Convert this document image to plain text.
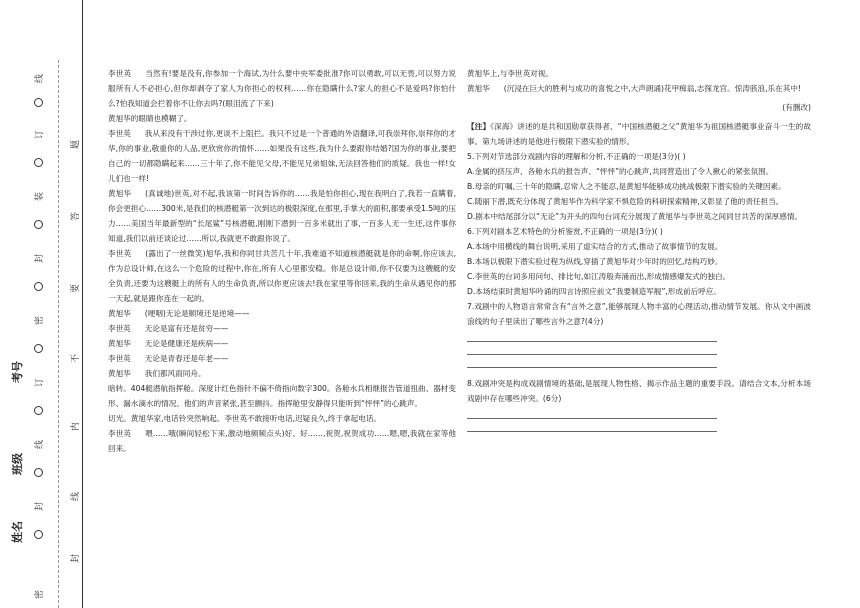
线
订
装
封
密
订
线
封
密
题
答
要
不
内
线
封
考号
班级
姓名

李世英 当然有!要是没有,你参加一个海试,为什么要中央军委批准?你可以勇敢,可以无畏,可以努力说服所有人不必担心,但你却剥夺了家人为你担心的权利……你在隐瞒什么?家人的担心不是爱吗?你怕什么?怕我知道会拦着你不让你去吗?(眼泪流了下来)

黄旭华的眼睛也模糊了。

李世英 我从来没有干涉过你,更谈不上阻拦。我只不过是一个普通的外语翻译,可我崇拜你,崇拜你的才华,你的事业,敬重你的人品,更欣赏你的情怀……如果没有这些,我为什么要跟你结婚?国为你的事业,要把自己的一切都隐瞒起来……三十年了,你不能见父母,不能见兄弟姐妹,无法回答他们的质疑。我也一样!女儿们也一样!

黄旭华 (真诚地)世英,对不起,我该第一时间告诉你的……我是怕你担心,现在我明白了,我若一直瞒着,你会更担心……300米,是我们的核潜艇第一次到达的极限深度,在那里,手掌大的面积,都要承受1.5吨的压力……美国当年最新型的“长尾鲨”号核潜艇,刚刚下潜到一百多米就出了事,一百多人无一生还,这件事你知道,我们以前还谈论过……所以,我就更不敢跟你说了。

李世英 (露出了一丝微笑)旭华,我和你同甘共苦几十年,我难道不知道核潜艇就是你的命啊,你应该去,作为总设计师,在这么一个危险的过程中,你在,所有人心里都安稳。你是总设计师,你不仅要为这艘艇的安全负责,还要为这艘艇上的所有人的生命负责,所以你更应该去!我在家里等你回来,我的生命从遇见你的那一天起,就是跟你连在一起的。

黄旭华 (哽咽)无论是顺境还是逆境——

李世英 无论是富有还是贫穷——

黄旭华 无论是健康还是疾病——

李世英 无论是青春还是年老——

黄旭华 我们都风雨同舟。

暗转。404艇潜航指挥舱。深度计红色指针不偏不倚指向数字300。各舱水兵相继报告管道扭曲、器材变形、漏水滴水的情况。他们的声音紧张,甚至颤抖。指挥舱里安静得只能听到“怦怦”的心跳声。

切光。黄旭华家,电话铃突然响起。李世英不敢接听电话,迟疑良久,终于拿起电话。

李世英 喂……哦(瞬间轻松下来,激动地频频点头)好、好……,祝贺,祝贺成功……嗯,嗯,我就在家等他回来。

黄旭华上,与李世英对视。

黄旭华 (沉浸在巨大的胜利与成功的喜悦之中,大声朗诵)花甲痴翁,志探龙宫。惊涛骇浪,乐在其中!

(有删改)

【注】《深海》讲述的是共和国勋章获得者、“中国核潜艇之父”黄旭华为祖国核潜艇事业奋斗一生的故事。第九场讲述的是他进行极限下潜实验的情形。

5.下列对节选部分戏剧内容的理解和分析,不正确的一项是(3分)( )

A.金属的挤压声、各舱水兵的报告声、“怦怦”的心跳声,共同营造出了令人揪心的紧张氛围。

B.母亲的叮嘱,三十年的隐瞒,忍常人之不能忍,是黄旭华能够成功挑战极限下潜实验的关键因素。

C.随丽下潜,既充分体现了黄旭华作为科学家不惧危险的科研探索精神,又彰显了他的责任担当。

D.剧本中结尾部分以“无论”为开头的四句台词充分展现了黄旭华与李世英之间同甘共苦的深厚感情。

6.下列对剧本艺术特色的分析鉴赏,不正确的一项是(3分)( )

A.本场中用横线的舞台说明,采用了虚实结合的方式,推动了故事情节的发展。

B.本场以极限下潜实验过程为纵线,穿插了黄旭华对少年时的回忆,结构巧妙。

C.李世英的台词多用问句、排比句,如江涛般奔涌而出,形成情感爆发式的独白。

D.本场结束时黄旭华吟诵的四言诗照应前文“我要制造军舰”,形成前后呼应。

7.戏剧中的人物语言常常含有“言外之意”,能够展现人物丰富的心理活动,推动情节发展。你从文中画波浪线的句子里读出了哪些言外之意?(4分)

8.戏剧冲突是构成戏剧情境的基础,是展现人物性格、揭示作品主题的重要手段。请结合文本,分析本场戏剧中存在哪些冲突。(6分)
